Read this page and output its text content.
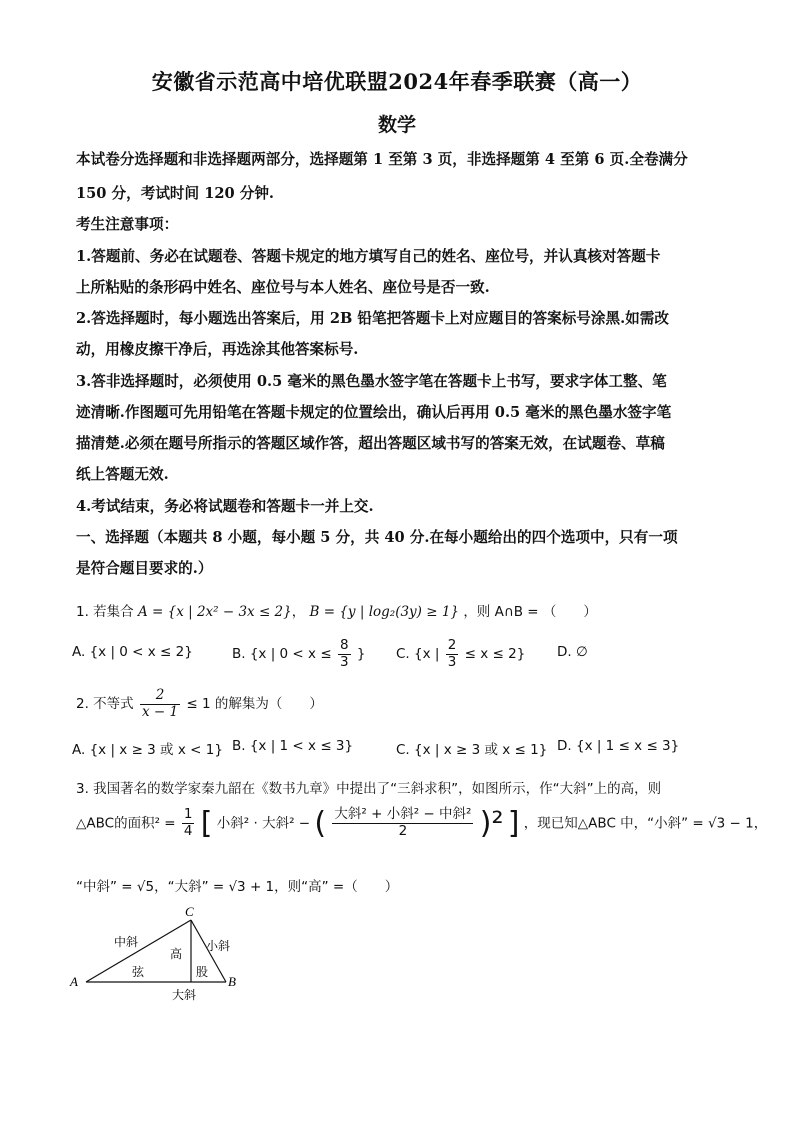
安徽省示范高中培优联盟2024年春季联赛（高一）
数学
本试卷分选择题和非选择题两部分，选择题第 1 至第 3 页，非选择题第 4 至第 6 页.全卷满分
150 分，考试时间 120 分钟.
考生注意事项：
1.答题前、务必在试题卷、答题卡规定的地方填写自己的姓名、座位号，并认真核对答题卡
上所粘贴的条形码中姓名、座位号与本人姓名、座位号是否一致.
2.答选择题时，每小题选出答案后，用 2B 铅笔把答题卡上对应题目的答案标号涂黑.如需改
动，用橡皮擦干净后，再选涂其他答案标号.
3.答非选择题时，必须使用 0.5 毫米的黑色墨水签字笔在答题卡上书写，要求字体工整、笔
迹清晰.作图题可先用铅笔在答题卡规定的位置绘出，确认后再用 0.5 毫米的黑色墨水签字笔
描清楚.必须在题号所指示的答题区域作答，超出答题区域书写的答案无效，在试题卷、草稿
纸上答题无效.
4.考试结束，务必将试题卷和答题卡一并上交.
一、选择题（本题共 8 小题，每小题 5 分，共 40 分.在每小题给出的四个选项中，只有一项
是符合题目要求的.）
1. 若集合 A = {x | 2x² − 3x ≤ 2}， B = {y | log₂(3y) ≥ 1} ，则 A∩B = （　　）
A. {x | 0 < x ≤ 2}	B. {x | $0 < x \le \frac{8}{3}$ } C. {x | $\frac{2}{3} \le x \le 2$} D. ∅
2. 不等式 $\frac{2}{x - 1} \le 1$ 的解集为（　　）
A. {x | x ≥ 3 或 x < 1} B. {x | 1 < x ≤ 3}	C. {x | x ≥ 3 或 x ≤ 1} D. {x | 1 ≤ x ≤ 3}
3. 我国著名的数学家秦九韶在《数书九章》中提出了“三斜求积”，如图所示，作“大斜”上的高，则
△ABC的面积$^2 = \frac{1}{4}$ [ 小斜² · 大斜² − ( $\frac{\text{大斜² + 小斜² − 中斜²}}{2} )^2$ ] ，现已知△ABC 中，“小斜” = √3 − 1，
“中斜” = √5，“大斜” = √3 + 1，则“高” =（　　）
A	B
C
中斜	小斜
高
弦	股
大斜
